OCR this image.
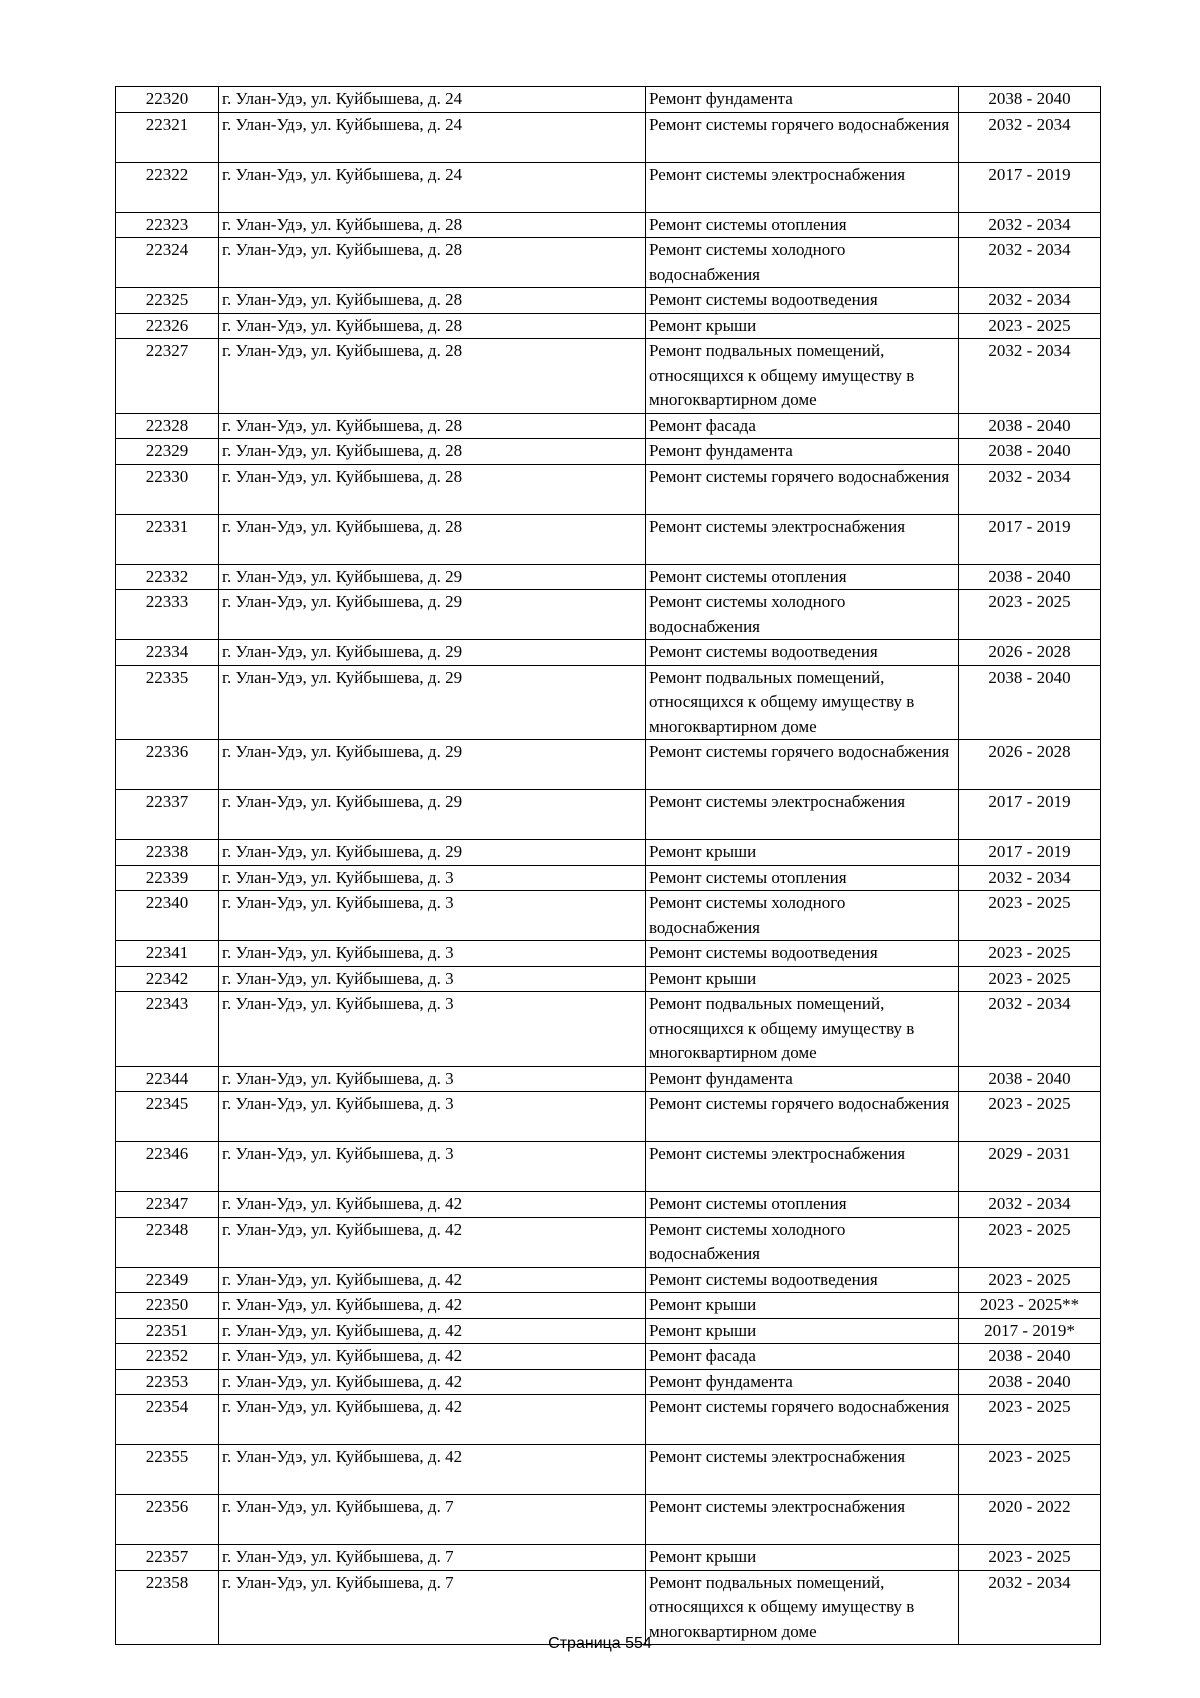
22320	г. Улан-Удэ, ул. Куйбышева, д. 24	Ремонт фундамента	2038 - 2040
22321	г. Улан-Удэ, ул. Куйбышева, д. 24	Ремонт системы горячего водоснабжения	2032 - 2034
22322	г. Улан-Удэ, ул. Куйбышева, д. 24	Ремонт системы электроснабжения	2017 - 2019
22323	г. Улан-Удэ, ул. Куйбышева, д. 28	Ремонт системы отопления	2032 - 2034
22324	г. Улан-Удэ, ул. Куйбышева, д. 28	Ремонт системы холодного водоснабжения	2032 - 2034
22325	г. Улан-Удэ, ул. Куйбышева, д. 28	Ремонт системы водоотведения	2032 - 2034
22326	г. Улан-Удэ, ул. Куйбышева, д. 28	Ремонт крыши	2023 - 2025
22327	г. Улан-Удэ, ул. Куйбышева, д. 28	Ремонт подвальных помещений, относящихся к общему имуществу в многоквартирном доме	2032 - 2034
22328	г. Улан-Удэ, ул. Куйбышева, д. 28	Ремонт фасада	2038 - 2040
22329	г. Улан-Удэ, ул. Куйбышева, д. 28	Ремонт фундамента	2038 - 2040
22330	г. Улан-Удэ, ул. Куйбышева, д. 28	Ремонт системы горячего водоснабжения	2032 - 2034
22331	г. Улан-Удэ, ул. Куйбышева, д. 28	Ремонт системы электроснабжения	2017 - 2019
22332	г. Улан-Удэ, ул. Куйбышева, д. 29	Ремонт системы отопления	2038 - 2040
22333	г. Улан-Удэ, ул. Куйбышева, д. 29	Ремонт системы холодного водоснабжения	2023 - 2025
22334	г. Улан-Удэ, ул. Куйбышева, д. 29	Ремонт системы водоотведения	2026 - 2028
22335	г. Улан-Удэ, ул. Куйбышева, д. 29	Ремонт подвальных помещений, относящихся к общему имуществу в многоквартирном доме	2038 - 2040
22336	г. Улан-Удэ, ул. Куйбышева, д. 29	Ремонт системы горячего водоснабжения	2026 - 2028
22337	г. Улан-Удэ, ул. Куйбышева, д. 29	Ремонт системы электроснабжения	2017 - 2019
22338	г. Улан-Удэ, ул. Куйбышева, д. 29	Ремонт крыши	2017 - 2019
22339	г. Улан-Удэ, ул. Куйбышева, д. 3	Ремонт системы отопления	2032 - 2034
22340	г. Улан-Удэ, ул. Куйбышева, д. 3	Ремонт системы холодного водоснабжения	2023 - 2025
22341	г. Улан-Удэ, ул. Куйбышева, д. 3	Ремонт системы водоотведения	2023 - 2025
22342	г. Улан-Удэ, ул. Куйбышева, д. 3	Ремонт крыши	2023 - 2025
22343	г. Улан-Удэ, ул. Куйбышева, д. 3	Ремонт подвальных помещений, относящихся к общему имуществу в многоквартирном доме	2032 - 2034
22344	г. Улан-Удэ, ул. Куйбышева, д. 3	Ремонт фундамента	2038 - 2040
22345	г. Улан-Удэ, ул. Куйбышева, д. 3	Ремонт системы горячего водоснабжения	2023 - 2025
22346	г. Улан-Удэ, ул. Куйбышева, д. 3	Ремонт системы электроснабжения	2029 - 2031
22347	г. Улан-Удэ, ул. Куйбышева, д. 42	Ремонт системы отопления	2032 - 2034
22348	г. Улан-Удэ, ул. Куйбышева, д. 42	Ремонт системы холодного водоснабжения	2023 - 2025
22349	г. Улан-Удэ, ул. Куйбышева, д. 42	Ремонт системы водоотведения	2023 - 2025
22350	г. Улан-Удэ, ул. Куйбышева, д. 42	Ремонт крыши	2023 - 2025**
22351	г. Улан-Удэ, ул. Куйбышева, д. 42	Ремонт крыши	2017 - 2019*
22352	г. Улан-Удэ, ул. Куйбышева, д. 42	Ремонт фасада	2038 - 2040
22353	г. Улан-Удэ, ул. Куйбышева, д. 42	Ремонт фундамента	2038 - 2040
22354	г. Улан-Удэ, ул. Куйбышева, д. 42	Ремонт системы горячего водоснабжения	2023 - 2025
22355	г. Улан-Удэ, ул. Куйбышева, д. 42	Ремонт системы электроснабжения	2023 - 2025
22356	г. Улан-Удэ, ул. Куйбышева, д. 7	Ремонт системы электроснабжения	2020 - 2022
22357	г. Улан-Удэ, ул. Куйбышева, д. 7	Ремонт крыши	2023 - 2025
22358	г. Улан-Удэ, ул. Куйбышева, д. 7	Ремонт подвальных помещений, относящихся к общему имуществу в многоквартирном доме	2032 - 2034
Страница 554
